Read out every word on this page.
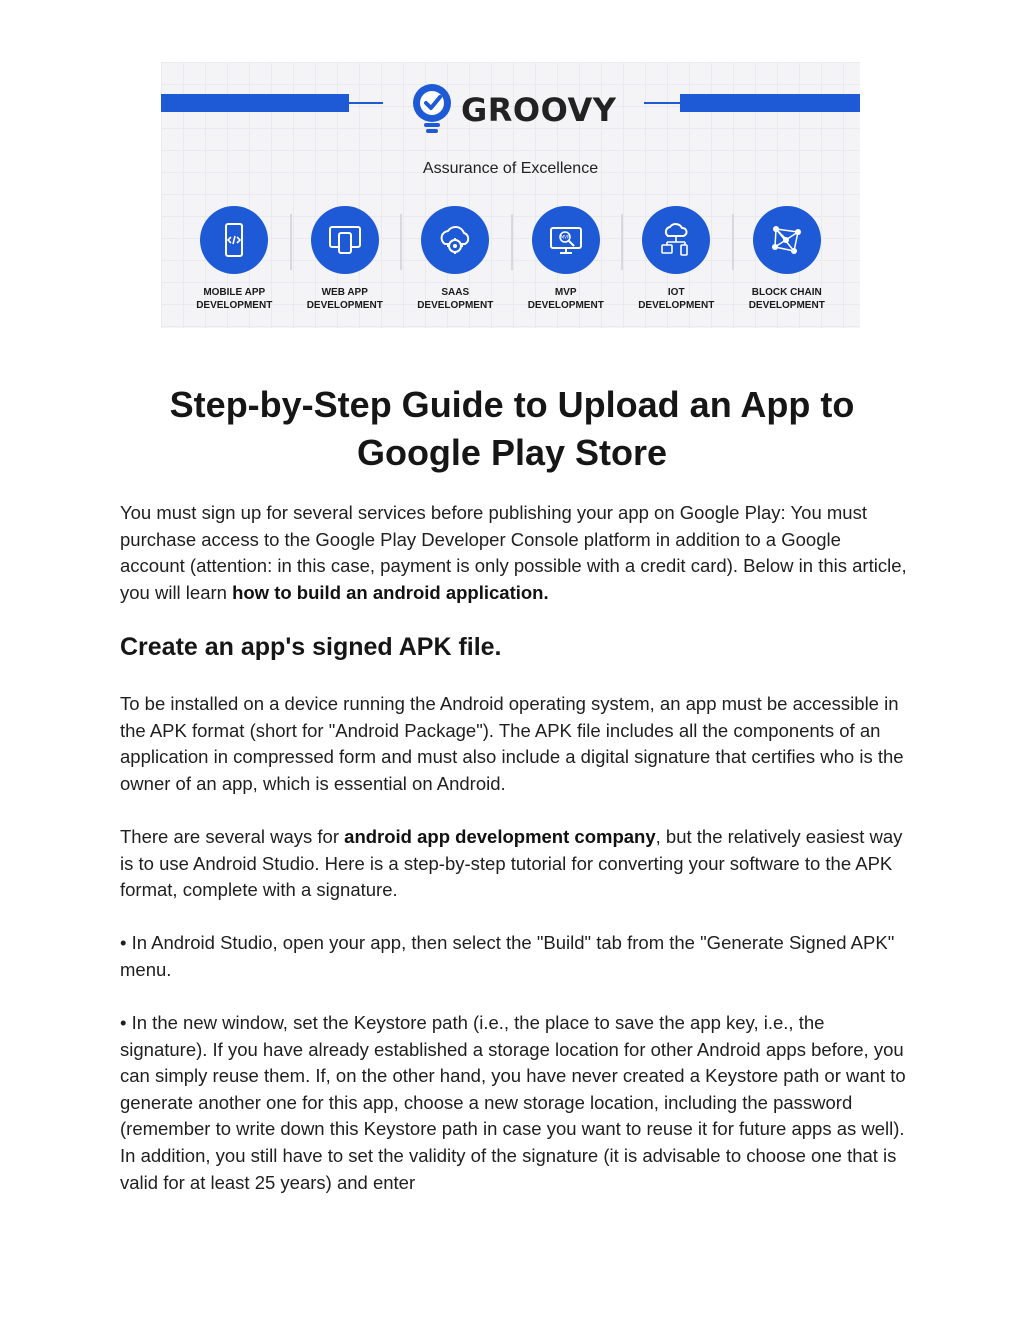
GROOVY
Assurance of Excellence
MOBILE APP
DEVELOPMENT
WEB APP
DEVELOPMENT
SAAS
DEVELOPMENT
MVP
MVP
DEVELOPMENT
IOT
DEVELOPMENT
BLOCK CHAIN
DEVELOPMENT
Step-by-Step Guide to Upload an App to
Google Play Store

You must sign up for several services before publishing your app on Google Play: You must purchase access to the Google Play Developer Console platform in addition to a Google account (attention: in this case, payment is only possible with a credit card). Below in this article, you will learn how to build an android application.

Create an app's signed APK file.

To be installed on a device running the Android operating system, an app must be accessible in the APK format (short for "Android Package"). The APK file includes all the components of an application in compressed form and must also include a digital signature that certifies who is the owner of an app, which is essential on Android.

There are several ways for android app development company, but the relatively easiest way is to use Android Studio. Here is a step-by-step tutorial for converting your software to the APK format, complete with a signature.

• In Android Studio, open your app, then select the "Build" tab from the "Generate Signed APK" menu.

• In the new window, set the Keystore path (i.e., the place to save the app key, i.e., the signature). If you have already established a storage location for other Android apps before, you can simply reuse them. If, on the other hand, you have never created a Keystore path or want to generate another one for this app, choose a new storage location, including the password (remember to write down this Keystore path in case you want to reuse it for future apps as well). In addition, you still have to set the validity of the signature (it is advisable to choose one that is valid for at least 25 years) and enter
